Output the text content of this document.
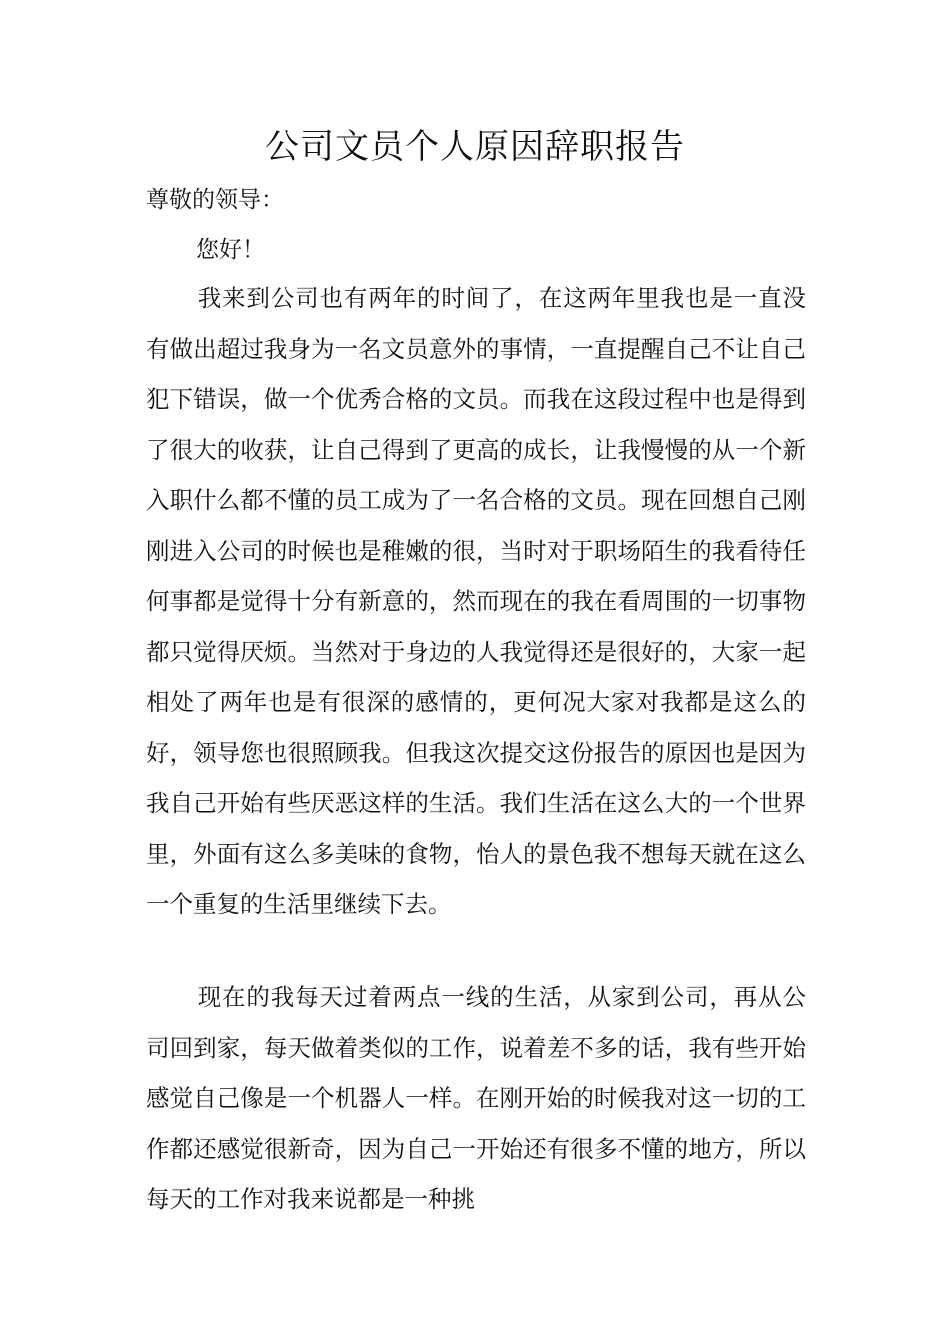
公司文员个人原因辞职报告

尊敬的领导：

您好！

我来到公司也有两年的时间了，在这两年里我也是一直没有做出超过我身为一名文员意外的事情，一直提醒自己不让自己犯下错误，做一个优秀合格的文员。而我在这段过程中也是得到了很大的收获，让自己得到了更高的成长，让我慢慢的从一个新入职什么都不懂的员工成为了一名合格的文员。现在回想自己刚刚进入公司的时候也是稚嫩的很，当时对于职场陌生的我看待任何事都是觉得十分有新意的，然而现在的我在看周围的一切事物都只觉得厌烦。当然对于身边的人我觉得还是很好的，大家一起相处了两年也是有很深的感情的，更何况大家对我都是这么的好，领导您也很照顾我。但我这次提交这份报告的原因也是因为我自己开始有些厌恶这样的生活。我们生活在这么大的一个世界里，外面有这么多美味的食物，怡人的景色我不想每天就在这么一个重复的生活里继续下去。

现在的我每天过着两点一线的生活，从家到公司，再从公司回到家，每天做着类似的工作，说着差不多的话，我有些开始感觉自己像是一个机器人一样。在刚开始的时候我对这一切的工作都还感觉很新奇，因为自己一开始还有很多不懂的地方，所以每天的工作对我来说都是一种挑
